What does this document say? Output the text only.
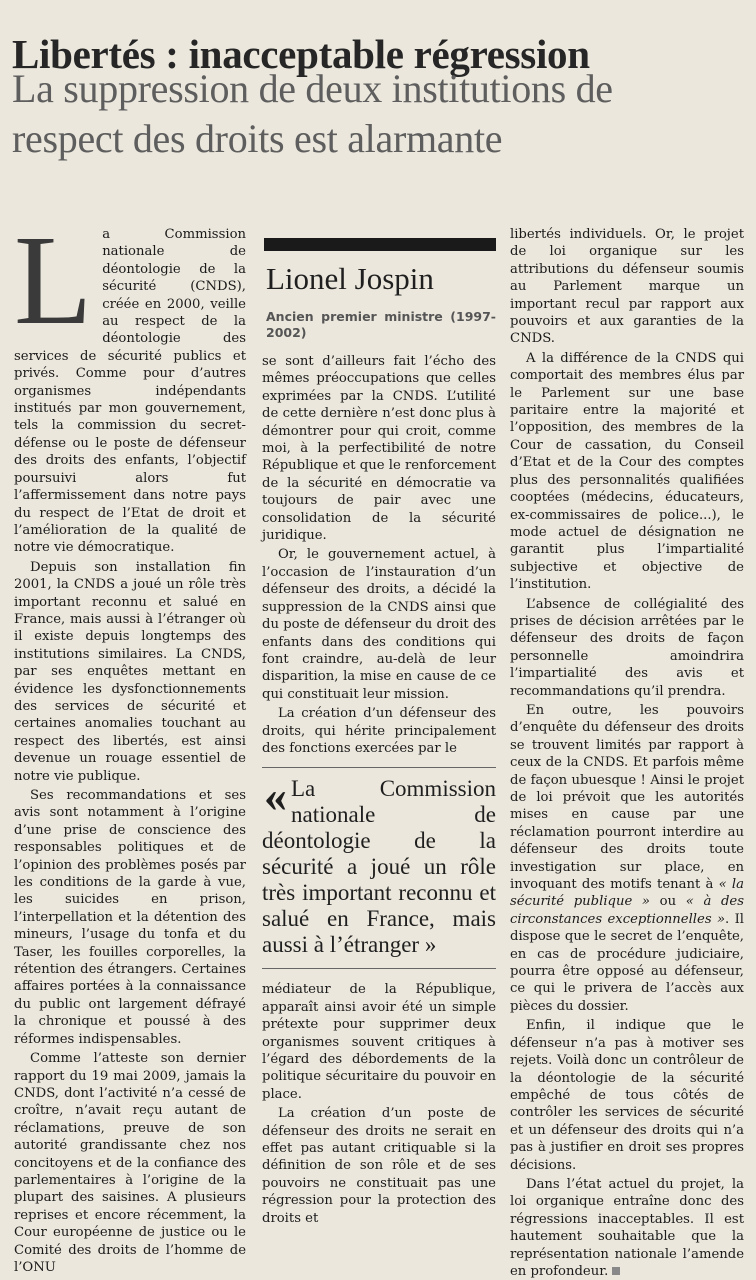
Libertés : inacceptable régression
La suppression de deux institutions de respect des droits est alarmante

La Commission nationale de déontologie de la sécurité (CNDS), créée en 2000, veille au respect de la déontologie des services de sécurité publics et privés. Comme pour d’autres organismes indépendants institués par mon gouvernement, tels la commission du secret-défense ou le poste de défenseur des droits des enfants, l’objectif poursuivi alors fut l’affermissement dans notre pays du respect de l’Etat de droit et l’amélioration de la qualité de notre vie démocratique.

Depuis son installation fin 2001, la CNDS a joué un rôle très important reconnu et salué en France, mais aussi à l’étranger où il existe depuis longtemps des institutions similaires. La CNDS, par ses enquêtes mettant en évidence les dysfonctionnements des services de sécurité et certaines anomalies touchant au respect des libertés, est ainsi devenue un rouage essentiel de notre vie publique.

Ses recommandations et ses avis sont notamment à l’origine d’une prise de conscience des responsables politiques et de l’opinion des problèmes posés par les conditions de la garde à vue, les suicides en prison, l’interpellation et la détention des mineurs, l’usage du tonfa et du Taser, les fouilles corporelles, la rétention des étrangers. Certaines affaires portées à la connaissance du public ont largement défrayé la chronique et poussé à des réformes indispensables.

Comme l’atteste son dernier rapport du 19 mai 2009, jamais la CNDS, dont l’activité n’a cessé de croître, n’avait reçu autant de réclamations, preuve de son autorité grandissante chez nos concitoyens et de la confiance des parlementaires à l’origine de la plupart des saisines. A plusieurs reprises et encore récemment, la Cour européenne de justice ou le Comité des droits de l’homme de l’ONU

Lionel Jospin
Ancien premier ministre (1997-2002)

se sont d’ailleurs fait l’écho des mêmes préoccupations que celles exprimées par la CNDS. L’utilité de cette dernière n’est donc plus à démontrer pour qui croit, comme moi, à la perfectibilité de notre République et que le renforcement de la sécurité en démocratie va toujours de pair avec une consolidation de la sécurité juridique.

Or, le gouvernement actuel, à l’occasion de l’instauration d’un défenseur des droits, a décidé la suppression de la CNDS ainsi que du poste de défenseur du droit des enfants dans des conditions qui font craindre, au-delà de leur disparition, la mise en cause de ce qui constituait leur mission.

La création d’un défenseur des droits, qui hérite principalement des fonctions exercées par le

« La Commission nationale de déontologie de la sécurité a joué un rôle très important reconnu et salué en France, mais aussi à l’étranger »

médiateur de la République, apparaît ainsi avoir été un simple prétexte pour supprimer deux organismes souvent critiques à l’égard des débordements de la politique sécuritaire du pouvoir en place.

La création d’un poste de défenseur des droits ne serait en effet pas autant critiquable si la définition de son rôle et de ses pouvoirs ne constituait pas une régression pour la protection des droits et

libertés individuels. Or, le projet de loi organique sur les attributions du défenseur soumis au Parlement marque un important recul par rapport aux pouvoirs et aux garanties de la CNDS.

A la différence de la CNDS qui comportait des membres élus par le Parlement sur une base paritaire entre la majorité et l’opposition, des membres de la Cour de cassation, du Conseil d’Etat et de la Cour des comptes plus des personnalités qualifiées cooptées (médecins, éducateurs, ex-commissaires de police...), le mode actuel de désignation ne garantit plus l’impartialité subjective et objective de l’institution.

L’absence de collégialité des prises de décision arrêtées par le défenseur des droits de façon personnelle amoindrira l’impartialité des avis et recommandations qu’il prendra.

En outre, les pouvoirs d’enquête du défenseur des droits se trouvent limités par rapport à ceux de la CNDS. Et parfois même de façon ubuesque ! Ainsi le projet de loi prévoit que les autorités mises en cause par une réclamation pourront interdire au défenseur des droits toute investigation sur place, en invoquant des motifs tenant à « la sécurité publique » ou « à des circonstances exceptionnelles ». Il dispose que le secret de l’enquête, en cas de procédure judiciaire, pourra être opposé au défenseur, ce qui le privera de l’accès aux pièces du dossier.

Enfin, il indique que le défenseur n’a pas à motiver ses rejets. Voilà donc un contrôleur de la déontologie de la sécurité empêché de tous côtés de contrôler les services de sécurité et un défenseur des droits qui n’a pas à justifier en droit ses propres décisions.

Dans l’état actuel du projet, la loi organique entraîne donc des régressions inacceptables. Il est hautement souhaitable que la représentation nationale l’amende en profondeur.
